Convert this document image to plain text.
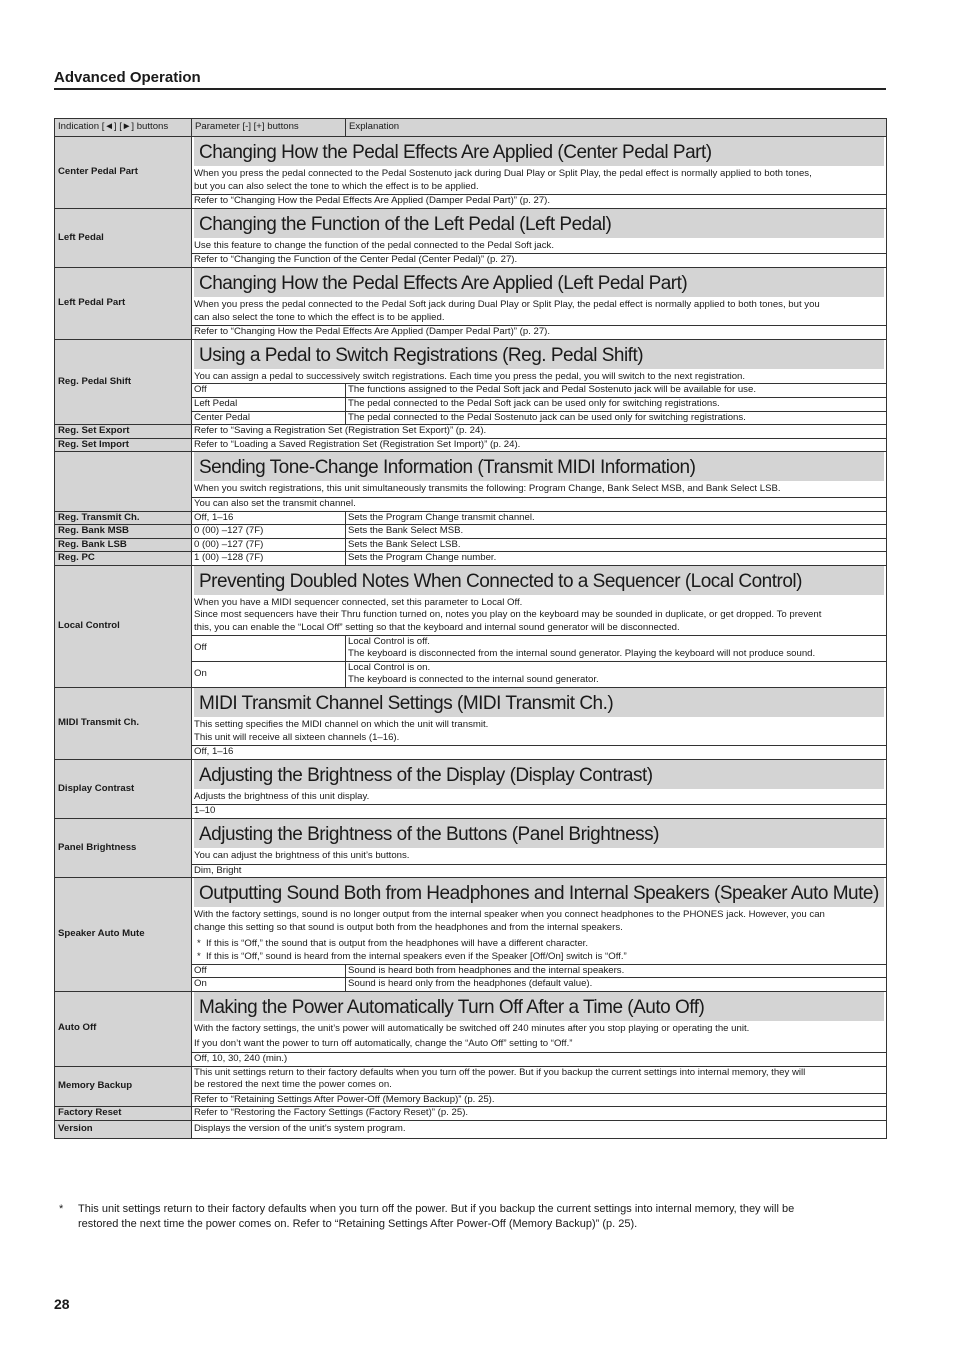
Advanced Operation
Indication [◄] [►] buttons	Parameter [-] [+] buttons	Explanation
Center Pedal Part	Changing How the Pedal Effects Are Applied (Center Pedal Part)
When you press the pedal connected to the Pedal Sostenuto jack during Dual Play or Split Play, the pedal effect is normally applied to both tones,
but you can also select the tone to which the effect is to be applied.
Refer to “Changing How the Pedal Effects Are Applied (Damper Pedal Part)” (p. 27).	

Left Pedal	Changing the Function of the Left Pedal (Left Pedal)
Use this feature to change the function of the pedal connected to the Pedal Soft jack.
Refer to “Changing the Function of the Center Pedal (Center Pedal)” (p. 27).	

Left Pedal Part	Changing How the Pedal Effects Are Applied (Left Pedal Part)
When you press the pedal connected to the Pedal Soft jack during Dual Play or Split Play, the pedal effect is normally applied to both tones, but you
can also select the tone to which the effect is to be applied.
Refer to “Changing How the Pedal Effects Are Applied (Damper Pedal Part)” (p. 27).	

Reg. Pedal Shift	Using a Pedal to Switch Registrations (Reg. Pedal Shift)
You can assign a pedal to successively switch registrations. Each time you press the pedal, you will switch to the next registration.	

	Off	The functions assigned to the Pedal Soft jack and Pedal Sostenuto jack will be available for use.
	Left Pedal	The pedal connected to the Pedal Soft jack can be used only for switching registrations.
	Center Pedal	The pedal connected to the Pedal Sostenuto jack can be used only for switching registrations.
Reg. Set Export	Refer to “Saving a Registration Set (Registration Set Export)” (p. 24).	
Reg. Set Import	Refer to “Loading a Saved Registration Set (Registration Set Import)” (p. 24).	

	Sending Tone-Change Information (Transmit MIDI Information)
When you switch registrations, this unit simultaneously transmits the following: Program Change, Bank Select MSB, and Bank Select LSB.
You can also set the transmit channel.	

Reg. Transmit Ch.	Off, 1–16	Sets the Program Change transmit channel.
Reg. Bank MSB	0 (00) –127 (7F)	Sets the Bank Select MSB.
Reg. Bank LSB	0 (00) –127 (7F)	Sets the Bank Select LSB.
Reg. PC	1 (00) –128 (7F)	Sets the Program Change number.
Local Control	Preventing Doubled Notes When Connected to a Sequencer (Local Control)
When you have a MIDI sequencer connected, set this parameter to Local Off.
Since most sequencers have their Thru function turned on, notes you play on the keyboard may be sounded in duplicate, or get dropped. To prevent
this, you can enable the “Local Off” setting so that the keyboard and internal sound generator will be disconnected.	

	Off	Local Control is off.
The keyboard is disconnected from the internal sound generator. Playing the keyboard will not produce sound.

	On	Local Control is on.
The keyboard is connected to the internal sound generator.

MIDI Transmit Ch.	MIDI Transmit Channel Settings (MIDI Transmit Ch.)
This setting specifies the MIDI channel on which the unit will transmit.
This unit will receive all sixteen channels (1–16).
Off, 1–16	

Display Contrast	Adjusting the Brightness of the Display (Display Contrast)
Adjusts the brightness of this unit display.
1–10	

Panel Brightness	Adjusting the Brightness of the Buttons (Panel Brightness)
You can adjust the brightness of this unit’s buttons.
Dim, Bright	

Speaker Auto Mute	Outputting Sound Both from Headphones and Internal Speakers (Speaker Auto Mute)
With the factory settings, sound is no longer output from the internal speaker when you connect headphones to the PHONES jack. However, you can
change this setting so that sound is output both from the headphones and from the internal speakers.
* If this is “Off,” the sound that is output from the headphones will have a different character.
* If this is “Off,” sound is heard from the internal speakers even if the Speaker [Off/On] switch is “Off.”

	Off	Sound is heard both from headphones and the internal speakers.
	On	Sound is heard only from the headphones (default value).
Auto Off	Making the Power Automatically Turn Off After a Time (Auto Off)
With the factory settings, the unit’s power will automatically be switched off 240 minutes after you stop playing or operating the unit.
If you don’t want the power to turn off automatically, change the “Auto Off” setting to “Off.”
Off, 10, 30, 240 (min.)	

Memory Backup	This unit settings return to their factory defaults when you turn off the power. But if you backup the current settings into internal memory, they will
be restored the next time the power comes on.
Refer to “Retaining Settings After Power-Off (Memory Backup)” (p. 25).	

Factory Reset	Refer to “Restoring the Factory Settings (Factory Reset)” (p. 25).	
Version	Displays the version of the unit’s system program.	
*	This unit settings return to their factory defaults when you turn off the power. But if you backup the current settings into internal memory, they will be
restored the next time the power comes on. Refer to “Retaining Settings After Power-Off (Memory Backup)” (p. 25).
28
